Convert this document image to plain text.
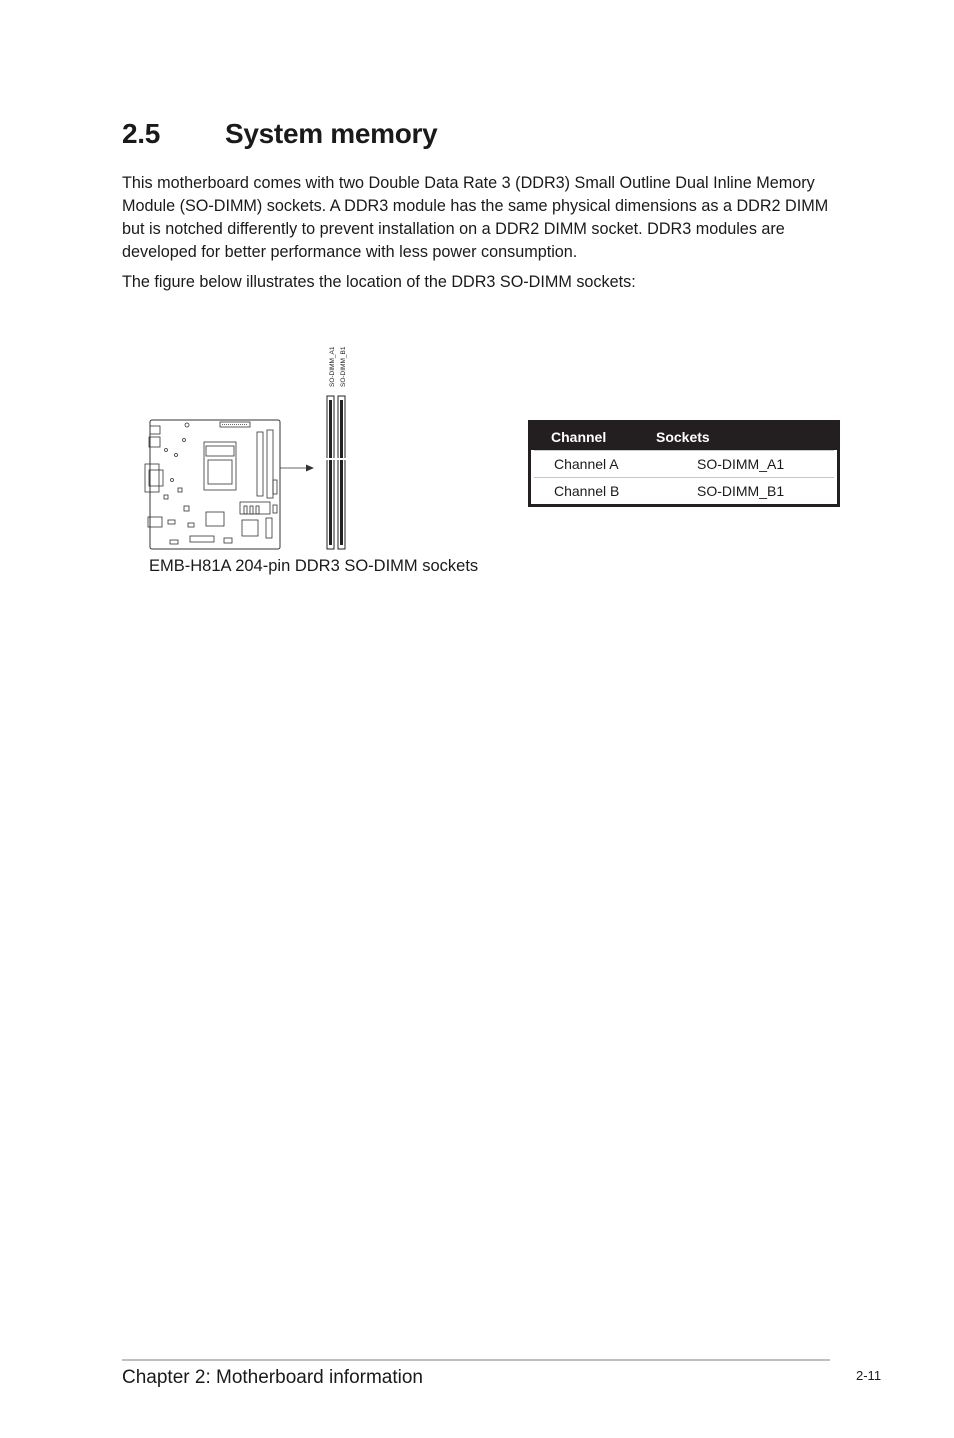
2.5 System memory

This motherboard comes with two Double Data Rate 3 (DDR3) Small Outline Dual Inline Memory Module (SO-DIMM) sockets. A DDR3 module has the same physical dimensions as a DDR2 DIMM but is notched differently to prevent installation on a DDR2 DIMM socket. DDR3 modules are developed for better performance with less power consumption.

The figure below illustrates the location of the DDR3 SO-DIMM sockets:

SO-DIMM_A1 SO-DIMM_B1
EMB-H81A 204-pin DDR3 SO-DIMM sockets
Channel	Sockets
Channel A	SO-DIMM_A1
Channel B	SO-DIMM_B1
Chapter 2: Motherboard information	2-11
